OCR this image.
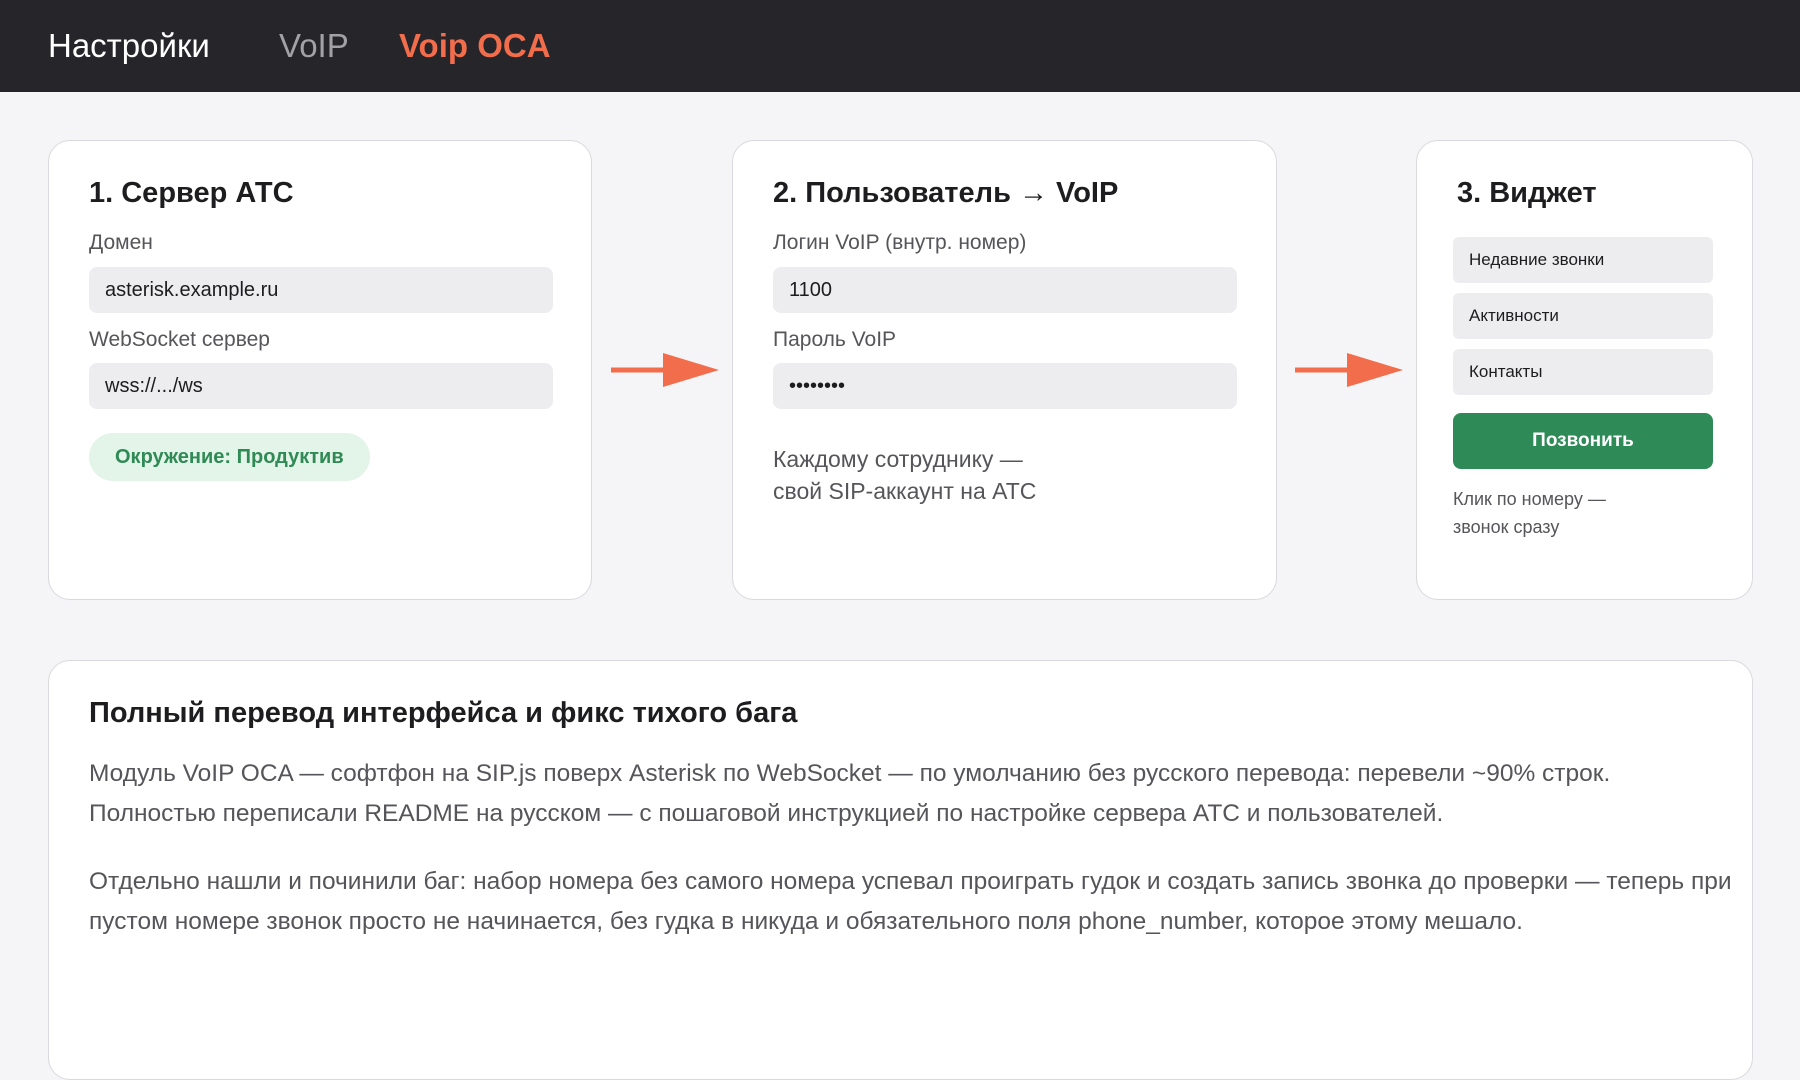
Настройки VoIP Voip OCA
1. Сервер АТС
Домен
asterisk.example.ru
WebSocket сервер
wss://.../ws
Окружение: Продуктив
2. Пользователь → VoIP
Логин VoIP (внутр. номер)
1100
Пароль VoIP
••••••••
Каждому сотруднику —
свой SIP-аккаунт на АТС
3. Виджет
Недавние звонки
Активности
Контакты
Позвонить
Клик по номеру —
звонок сразу
Полный перевод интерфейса и фикс тихого бага
Модуль VoIP OCA — софтфон на SIP.js поверх Asterisk по WebSocket — по умолчанию без русского перевода: перевели ~90% строк. Полностью переписали README на русском — с пошаговой инструкцией по настройке сервера АТС и пользователей.
Отдельно нашли и починили баг: набор номера без самого номера успевал проиграть гудок и создать запись звонка до проверки — теперь при пустом номере звонок просто не начинается, без гудка в никуда и обязательного поля phone_number, которое этому мешало.
